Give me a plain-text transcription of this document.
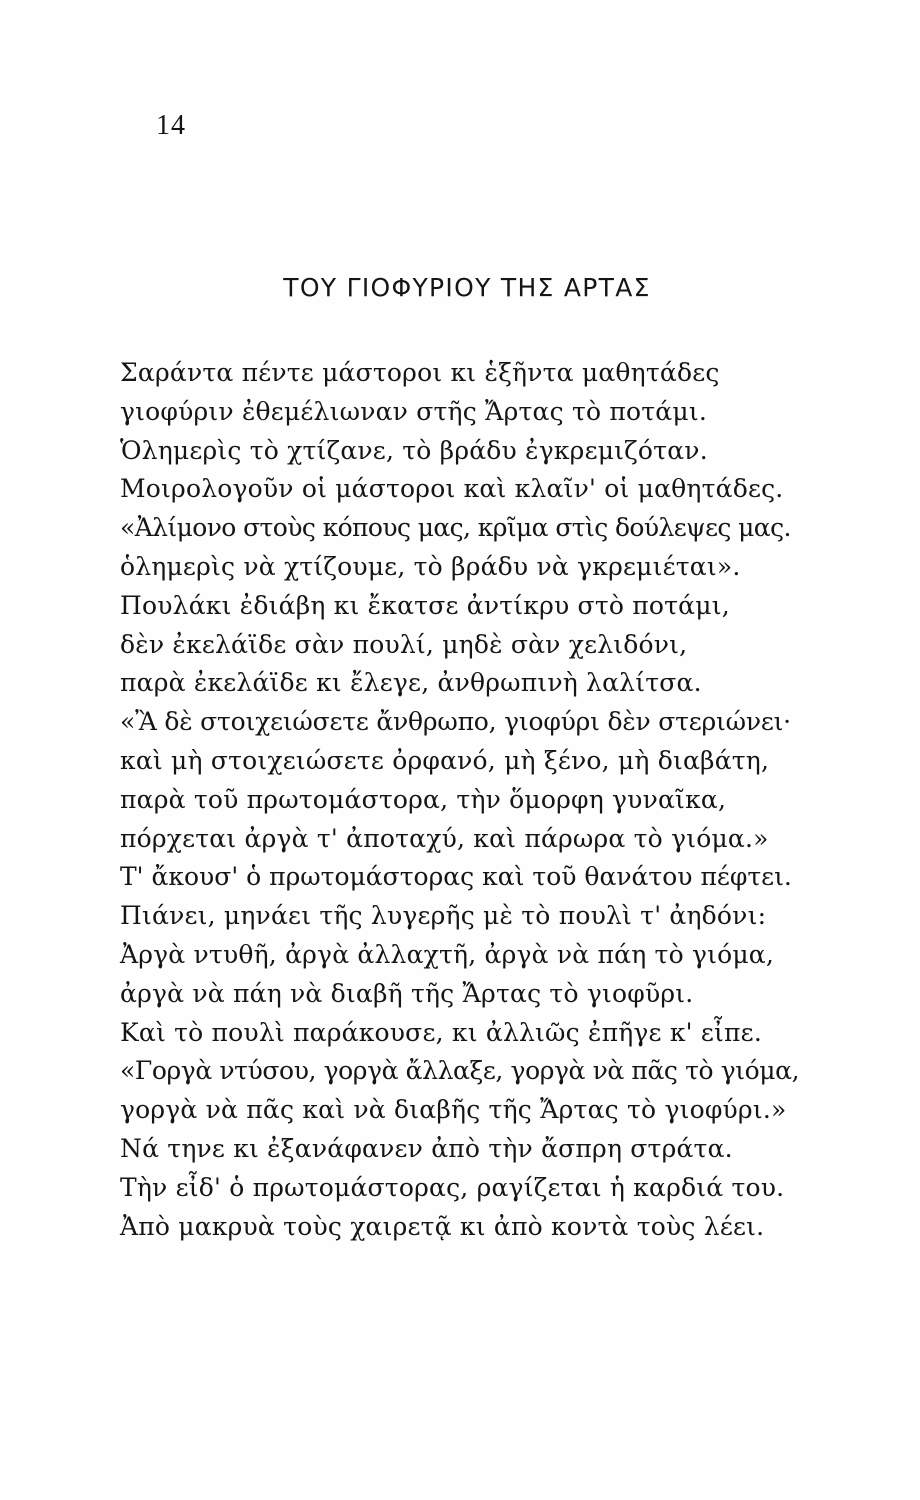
14
ΤΟΥ ΓΙΟΦΥΡΙΟΥ ΤΗΣ ΑΡΤΑΣ
Σαράντα πέντε μάστοροι κι ἑξῆντα μαθητάδες
γιοφύριν ἐθεμέλιωναν στῆς Ἄρτας τὸ ποτάμι.
Ὁλημερὶς τὸ χτίζανε, τὸ βράδυ ἐγκρεμιζόταν.
Μοιρολογοῦν οἱ μάστοροι καὶ κλαῖν' οἱ μαθητάδες.
«Ἀλίμονο στοὺς κόπους μας, κρῖμα στὶς δούλεψες μας.
ὁλημερὶς νὰ χτίζουμε, τὸ βράδυ νὰ γκρεμιέται».
Πουλάκι ἐδιάβη κι ἔκατσε ἀντίκρυ στὸ ποτάμι,
δὲν ἐκελάϊδε σὰν πουλί, μηδὲ σὰν χελιδόνι,
παρὰ ἐκελάϊδε κι ἔλεγε, ἀνθρωπινὴ λαλίτσα.
«Ἂ δὲ στοιχειώσετε ἄνθρωπο, γιοφύρι δὲν στεριώνει·
καὶ μὴ στοιχειώσετε ὀρφανό, μὴ ξένο, μὴ διαβάτη,
παρὰ τοῦ πρωτομάστορα, τὴν ὅμορφη γυναῖκα,
πόρχεται ἀργὰ τ' ἀποταχύ, καὶ πάρωρα τὸ γιόμα.»
Τ' ἄκουσ' ὁ πρωτομάστορας καὶ τοῦ θανάτου πέφτει.
Πιάνει, μηνάει τῆς λυγερῆς μὲ τὸ πουλὶ τ' ἀηδόνι:
Ἀργὰ ντυθῆ, ἀργὰ ἀλλαχτῆ, ἀργὰ νὰ πάη τὸ γιόμα,
ἀργὰ νὰ πάη νὰ διαβῆ τῆς Ἄρτας τὸ γιοφῦρι.
Καὶ τὸ πουλὶ παράκουσε, κι ἀλλιῶς ἐπῆγε κ' εἶπε.
«Γοργὰ ντύσου, γοργὰ ἄλλαξε, γοργὰ νὰ πᾶς τὸ γιόμα,
γοργὰ νὰ πᾶς καὶ νὰ διαβῆς τῆς Ἄρτας τὸ γιοφύρι.»
Νά τηνε κι ἐξανάφανεν ἀπὸ τὴν ἄσπρη στράτα.
Τὴν εἶδ' ὁ πρωτομάστορας, ραγίζεται ἡ καρδιά του.
Ἀπὸ μακρυὰ τοὺς χαιρετᾷ κι ἀπὸ κοντὰ τοὺς λέει.
